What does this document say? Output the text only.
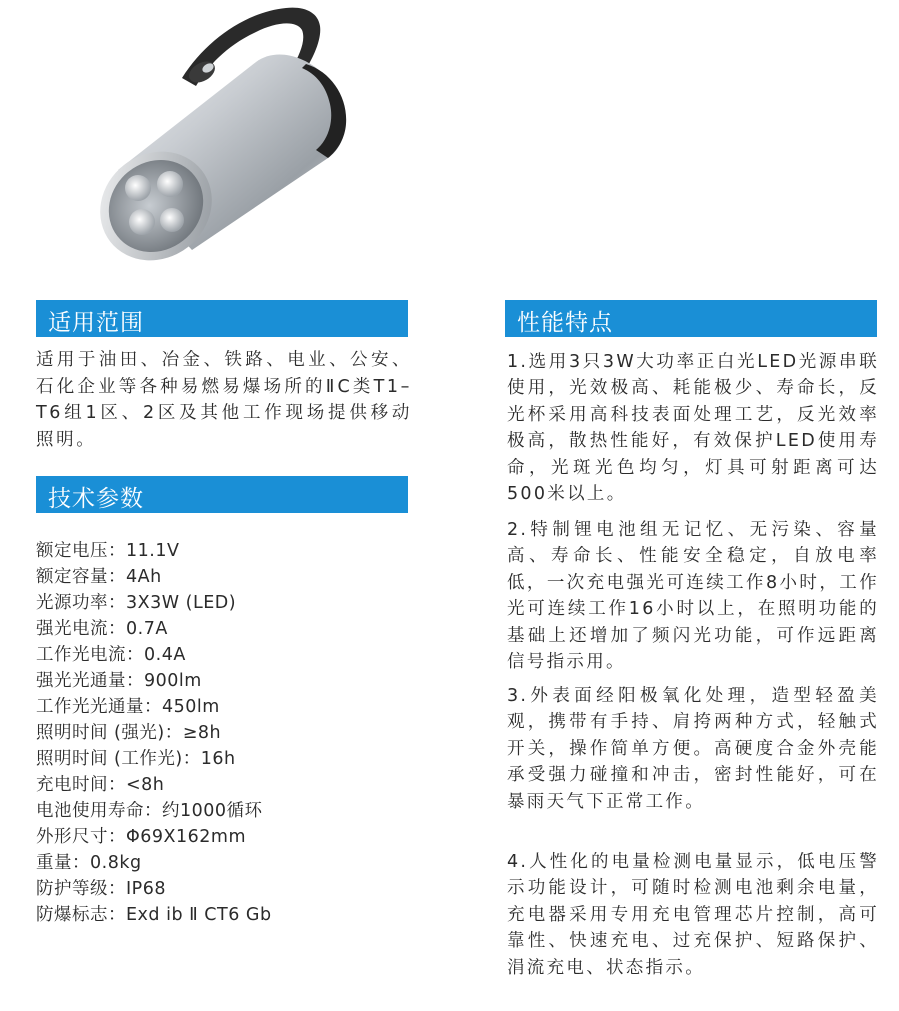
适用范围
适用于油田、冶金、铁路、电业、公安、石化企业等各种易燃易爆场所的ⅡC类T1–T6组1区、2区及其他工作现场提供移动照明。
技术参数
额定电压：11.1V
额定容量：4Ah
光源功率：3X3W (LED)
强光电流：0.7A
工作光电流：0.4A
强光光通量：900lm
工作光光通量：450lm
照明时间 (强光)：≥8h
照明时间 (工作光)：16h
充电时间：<8h
电池使用寿命：约1000循环
外形尺寸：Φ69X162mm
重量：0.8kg
防护等级：IP68
防爆标志：Exd ib Ⅱ CT6 Gb
性能特点
1.选用3只3W大功率正白光LED光源串联使用，光效极高、耗能极少、寿命长，反光杯采用高科技表面处理工艺，反光效率极高，散热性能好，有效保护LED使用寿命，光斑光色均匀，灯具可射距离可达500米以上。
2.特制锂电池组无记忆、无污染、容量高、寿命长、性能安全稳定，自放电率低，一次充电强光可连续工作8小时，工作光可连续工作16小时以上，在照明功能的基础上还增加了频闪光功能，可作远距离信号指示用。
3.外表面经阳极氧化处理，造型轻盈美观，携带有手持、肩挎两种方式，轻触式开关，操作简单方便。高硬度合金外壳能承受强力碰撞和冲击，密封性能好，可在暴雨天气下正常工作。
4.人性化的电量检测电量显示，低电压警示功能设计，可随时检测电池剩余电量，充电器采用专用充电管理芯片控制，高可靠性、快速充电、过充保护、短路保护、涓流充电、状态指示。
